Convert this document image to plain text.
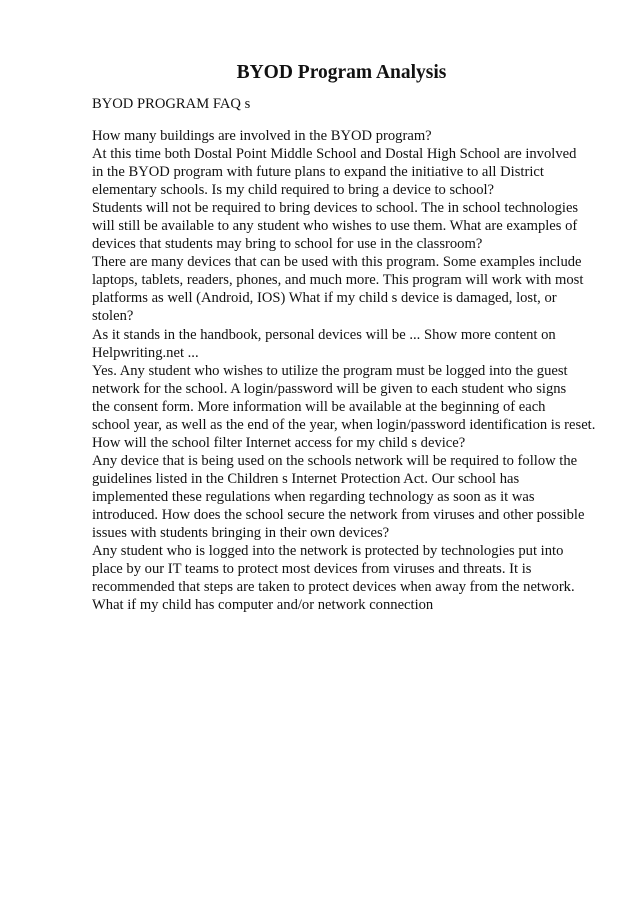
BYOD Program Analysis
BYOD PROGRAM FAQ s
How many buildings are involved in the BYOD program?
At this time both Dostal Point Middle School and Dostal High School are involved
in the BYOD program with future plans to expand the initiative to all District
elementary schools. Is my child required to bring a device to school?
Students will not be required to bring devices to school. The in school technologies
will still be available to any student who wishes to use them. What are examples of
devices that students may bring to school for use in the classroom?
There are many devices that can be used with this program. Some examples include
laptops, tablets, readers, phones, and much more. This program will work with most
platforms as well (Android, IOS) What if my child s device is damaged, lost, or
stolen?
As it stands in the handbook, personal devices will be ... Show more content on
Helpwriting.net ...
Yes. Any student who wishes to utilize the program must be logged into the guest
network for the school. A login/password will be given to each student who signs
the consent form. More information will be available at the beginning of each
school year, as well as the end of the year, when login/password identification is reset.
How will the school filter Internet access for my child s device?
Any device that is being used on the schools network will be required to follow the
guidelines listed in the Children s Internet Protection Act. Our school has
implemented these regulations when regarding technology as soon as it was
introduced. How does the school secure the network from viruses and other possible
issues with students bringing in their own devices?
Any student who is logged into the network is protected by technologies put into
place by our IT teams to protect most devices from viruses and threats. It is
recommended that steps are taken to protect devices when away from the network.
What if my child has computer and/or network connection
